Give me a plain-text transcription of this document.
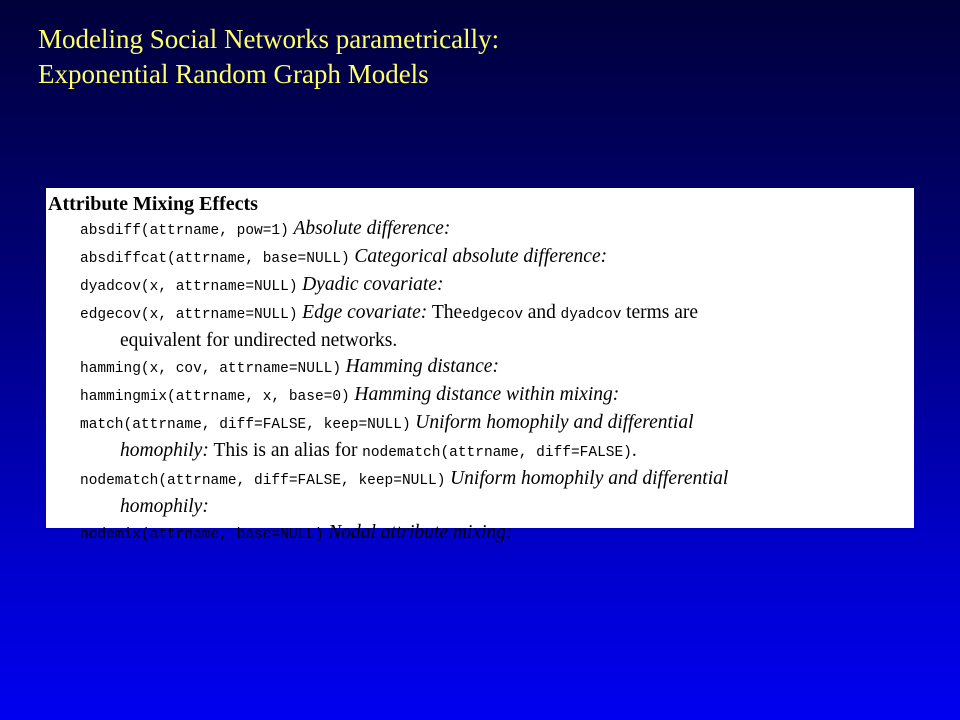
Modeling Social Networks parametrically:
Exponential Random Graph Models
Attribute Mixing Effects
absdiff(attrname, pow=1) Absolute difference:
absdiffcat(attrname, base=NULL) Categorical absolute difference:
dyadcov(x, attrname=NULL) Dyadic covariate:
edgecov(x, attrname=NULL) Edge covariate: Theedgecov and dyadcov terms are
equivalent for undirected networks.
hamming(x, cov, attrname=NULL) Hamming distance:
hammingmix(attrname, x, base=0) Hamming distance within mixing:
match(attrname, diff=FALSE, keep=NULL) Uniform homophily and differential
homophily: This is an alias for nodematch(attrname, diff=FALSE).
nodematch(attrname, diff=FALSE, keep=NULL) Uniform homophily and differential
homophily:
nodemix(attrname, base=NULL) Nodal attribute mixing:
